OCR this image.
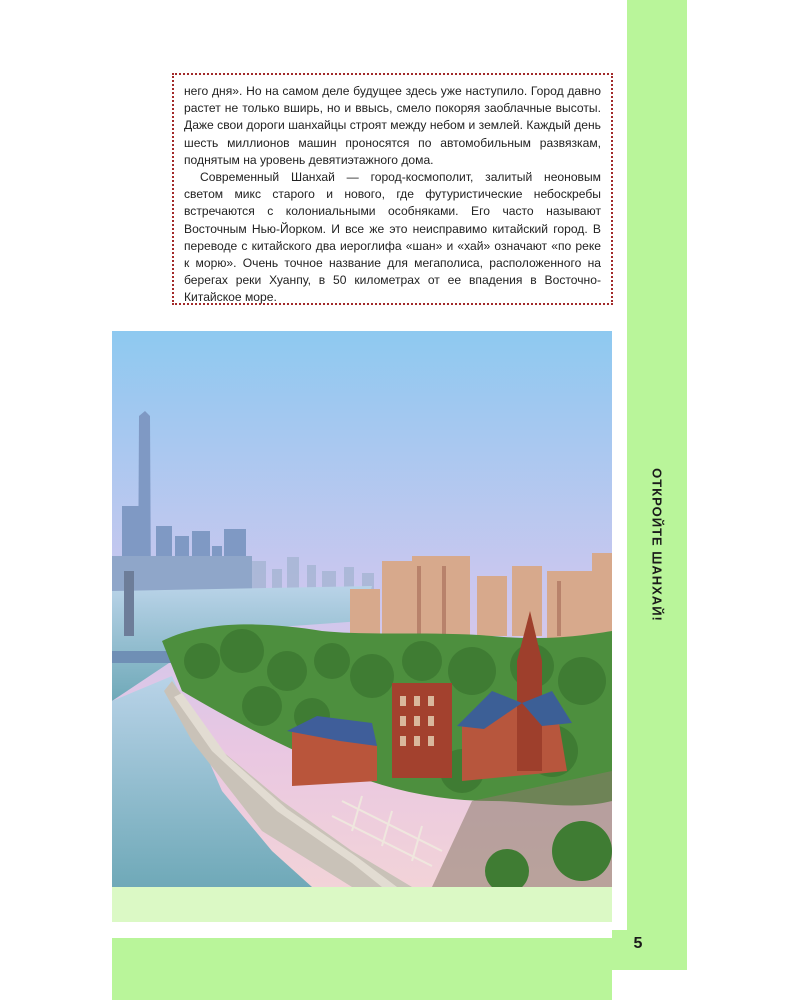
ОТКРОЙТЕ ШАНХАЙ!

него дня». Но на самом деле будущее здесь уже наступило. Город давно растет не только вширь, но и ввысь, смело покоряя заоблачные высоты. Даже свои дороги шанхайцы строят между небом и землей. Каждый день шесть миллионов машин проносятся по автомобильным развязкам, поднятым на уровень девятиэтажного дома.

Современный Шанхай — город-космополит, залитый неоновым светом микс старого и нового, где футуристические небоскребы встречаются с колониальными особняками. Его часто называют Восточным Нью-Йорком. И все же это неисправимо китайский город. В переводе с китайского два иероглифа «шан» и «хай» означают «по реке к морю». Очень точное название для мегаполиса, расположенного на берегах реки Хуанпу, в 50 километрах от ее впадения в Восточно-Китайское море.

5
